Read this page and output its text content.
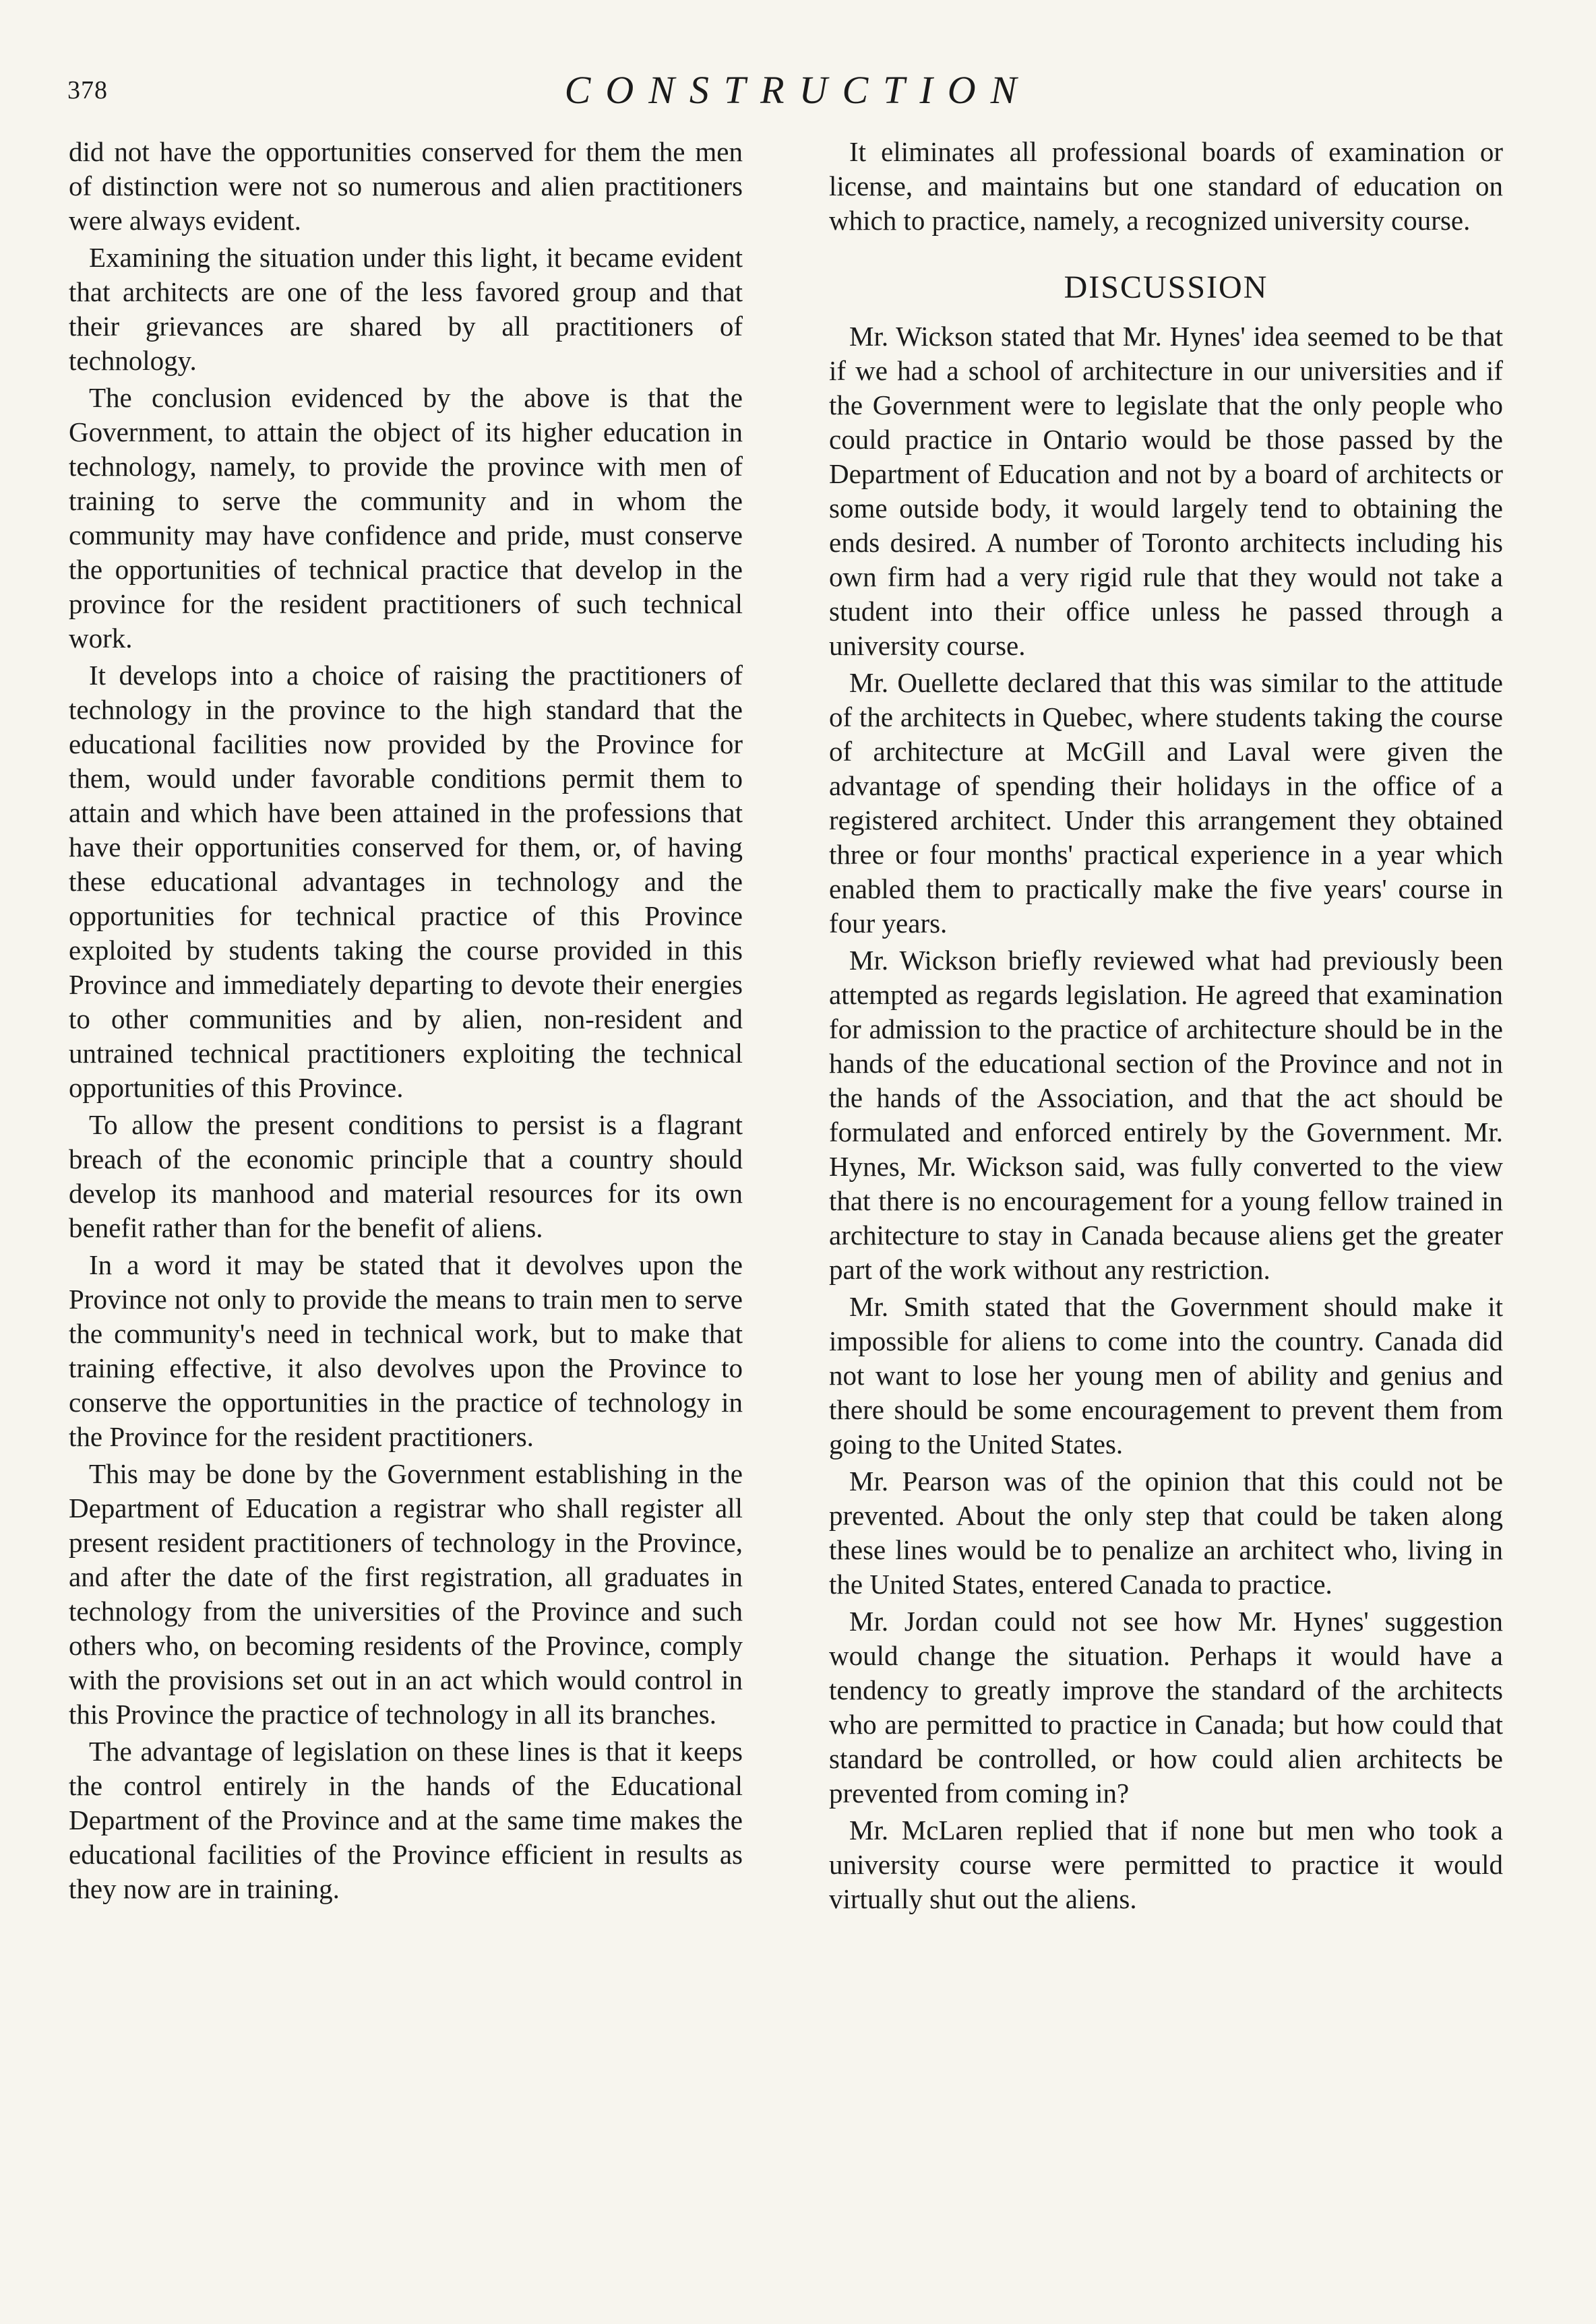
378	CONSTRUCTION

did not have the opportunities conserved for them the men of distinction were not so numerous and alien practitioners were always evident.

Examining the situation under this light, it became evident that architects are one of the less favored group and that their grievances are shared by all practitioners of technology.

The conclusion evidenced by the above is that the Government, to attain the object of its higher education in technology, namely, to provide the province with men of training to serve the community and in whom the community may have confidence and pride, must conserve the opportunities of technical practice that develop in the province for the resident practitioners of such technical work.

It develops into a choice of raising the practitioners of technology in the province to the high standard that the educational facilities now provided by the Province for them, would under favorable conditions permit them to attain and which have been attained in the professions that have their opportunities conserved for them, or, of having these educational advantages in technology and the opportunities for technical practice of this Province exploited by students taking the course provided in this Province and immediately departing to devote their energies to other communities and by alien, non-resident and untrained technical practitioners exploiting the technical opportunities of this Province.

To allow the present conditions to persist is a flagrant breach of the economic principle that a country should develop its manhood and material resources for its own benefit rather than for the benefit of aliens.

In a word it may be stated that it devolves upon the Province not only to provide the means to train men to serve the community's need in technical work, but to make that training effective, it also devolves upon the Province to conserve the opportunities in the practice of technology in the Province for the resident practitioners.

This may be done by the Government establishing in the Department of Education a registrar who shall register all present resident practitioners of technology in the Province, and after the date of the first registration, all graduates in technology from the universities of the Province and such others who, on becoming residents of the Province, comply with the provisions set out in an act which would control in this Province the practice of technology in all its branches.

The advantage of legislation on these lines is that it keeps the control entirely in the hands of the Educational Department of the Province and at the same time makes the educational facilities of the Province efficient in results as they now are in training.

It eliminates all professional boards of examination or license, and maintains but one standard of education on which to practice, namely, a recognized university course.

DISCUSSION

Mr. Wickson stated that Mr. Hynes' idea seemed to be that if we had a school of architecture in our universities and if the Government were to legislate that the only people who could practice in Ontario would be those passed by the Department of Education and not by a board of architects or some outside body, it would largely tend to obtaining the ends desired. A number of Toronto architects including his own firm had a very rigid rule that they would not take a student into their office unless he passed through a university course.

Mr. Ouellette declared that this was similar to the attitude of the architects in Quebec, where students taking the course of architecture at McGill and Laval were given the advantage of spending their holidays in the office of a registered architect. Under this arrangement they obtained three or four months' practical experience in a year which enabled them to practically make the five years' course in four years.

Mr. Wickson briefly reviewed what had previously been attempted as regards legislation. He agreed that examination for admission to the practice of architecture should be in the hands of the educational section of the Province and not in the hands of the Association, and that the act should be formulated and enforced entirely by the Government. Mr. Hynes, Mr. Wickson said, was fully converted to the view that there is no encouragement for a young fellow trained in architecture to stay in Canada because aliens get the greater part of the work without any restriction.

Mr. Smith stated that the Government should make it impossible for aliens to come into the country. Canada did not want to lose her young men of ability and genius and there should be some encouragement to prevent them from going to the United States.

Mr. Pearson was of the opinion that this could not be prevented. About the only step that could be taken along these lines would be to penalize an architect who, living in the United States, entered Canada to practice.

Mr. Jordan could not see how Mr. Hynes' suggestion would change the situation. Perhaps it would have a tendency to greatly improve the standard of the architects who are permitted to practice in Canada; but how could that standard be controlled, or how could alien architects be prevented from coming in?

Mr. McLaren replied that if none but men who took a university course were permitted to practice it would virtually shut out the aliens.
